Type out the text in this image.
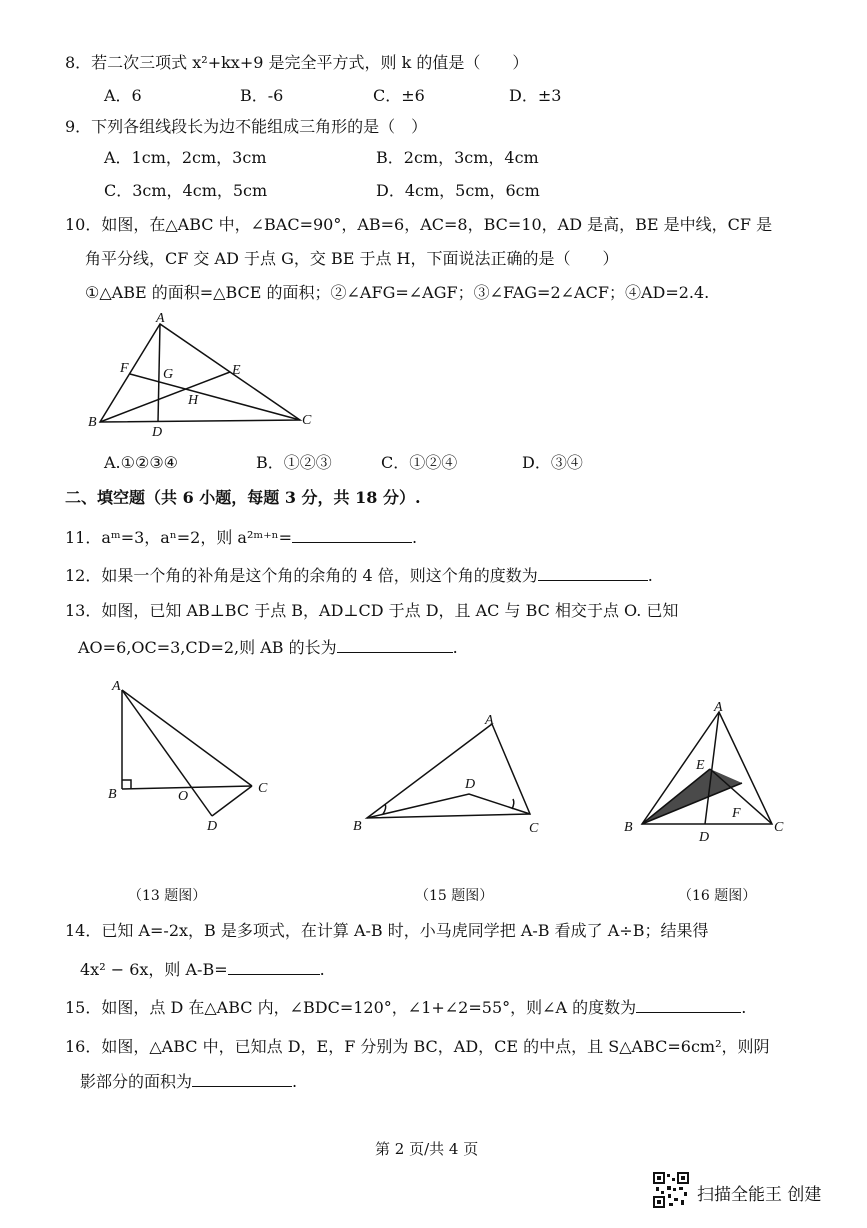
8．若二次三项式 x²+kx+9 是完全平方式，则 k 的值是（　　）
A．6	B．-6	C．±6	D．±3
9．下列各组线段长为边不能组成三角形的是（　）
A．1cm，2cm，3cm	B．2cm，3cm，4cm
C．3cm，4cm，5cm	D．4cm，5cm，6cm
10．如图，在△ABC 中，∠BAC=90°，AB=6，AC=8，BC=10，AD 是高，BE 是中线，CF 是
角平分线，CF 交 AD 于点 G，交 BE 于点 H，下面说法正确的是（　　）
①△ABE 的面积=△BCE 的面积；②∠AFG=∠AGF；③∠FAG=2∠ACF；④AD=2.4.
A
B	C
D
E
F G
H
A.①②③④	B．①②③	C．①②④	D．③④
二、填空题（共 6 小题，每题 3 分，共 18 分）.
11．aᵐ=3，aⁿ=2，则 a²ᵐ⁺ⁿ=	.
12．如果一个角的补角是这个角的余角的 4 倍，则这个角的度数为	.
13．如图，已知 AB⊥BC 于点 B，AD⊥CD 于点 D，且 AC 与 BC 相交于点 O. 已知
AO=6,OC=3,CD=2,则 AB 的长为	.
A
B	O
C
D
A
B	C
D
A
B	C
D
E
F
（13 题图）	（15 题图）	（16 题图）
14．已知 A=-2x，B 是多项式，在计算 A-B 时，小马虎同学把 A-B 看成了 A÷B；结果得
4x² − 6x，则 A-B=	.
15．如图，点 D 在△ABC 内，∠BDC=120°，∠1+∠2=55°，则∠A 的度数为	.
16．如图，△ABC 中，已知点 D，E，F 分别为 BC，AD，CE 的中点，且 S△ABC=6cm²，则阴
影部分的面积为	.
第 2 页/共 4 页
扫描全能王 创建
